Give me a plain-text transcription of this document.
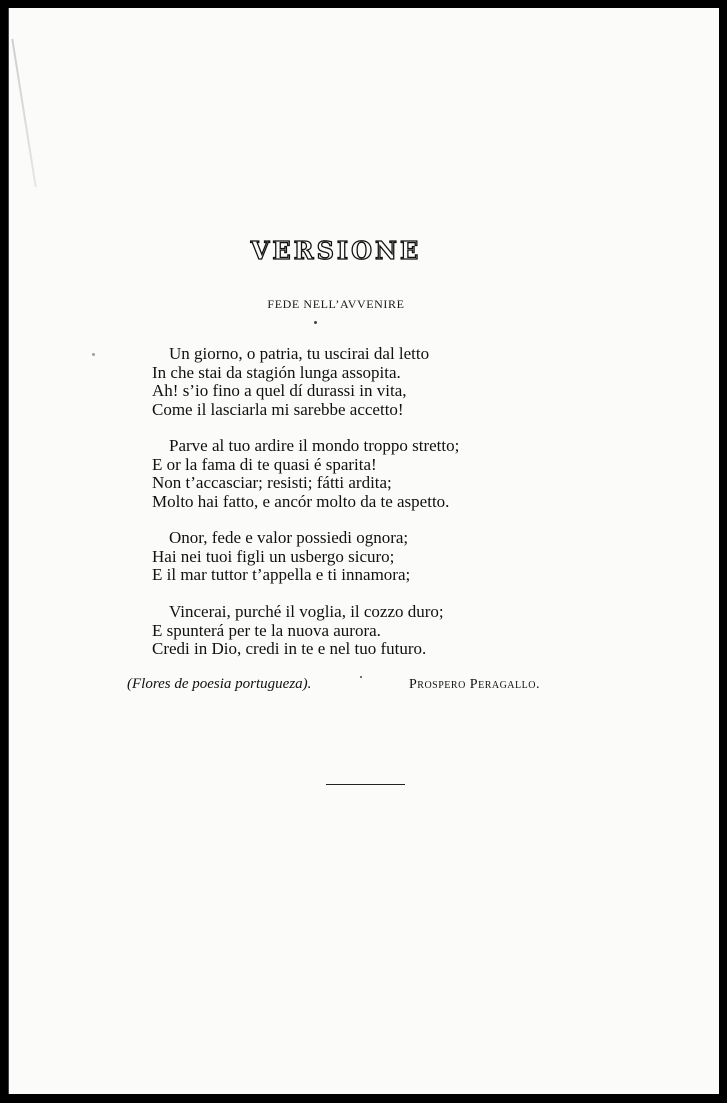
VERSIONE
FEDE NELL’AVVENIRE
Un giorno, o patria, tu uscirai dal letto
In che stai da stagión lunga assopita.
Ah! s’io fino a quel dí durassi in vita,
Come il lasciarla mi sarebbe accetto!
Parve al tuo ardire il mondo troppo stretto;
E or la fama di te quasi é sparita!
Non t’accasciar; resisti; fátti ardita;
Molto hai fatto, e ancór molto da te aspetto.
Onor, fede e valor possiedi ognora;
Hai nei tuoi figli un usbergo sicuro;
E il mar tuttor t’appella e ti innamora;
Vincerai, purché il voglia, il cozzo duro;
E spunterá per te la nuova aurora.
Credi in Dio, credi in te e nel tuo futuro.
(Flores de poesia portugueza).	Prospero Peragallo.
